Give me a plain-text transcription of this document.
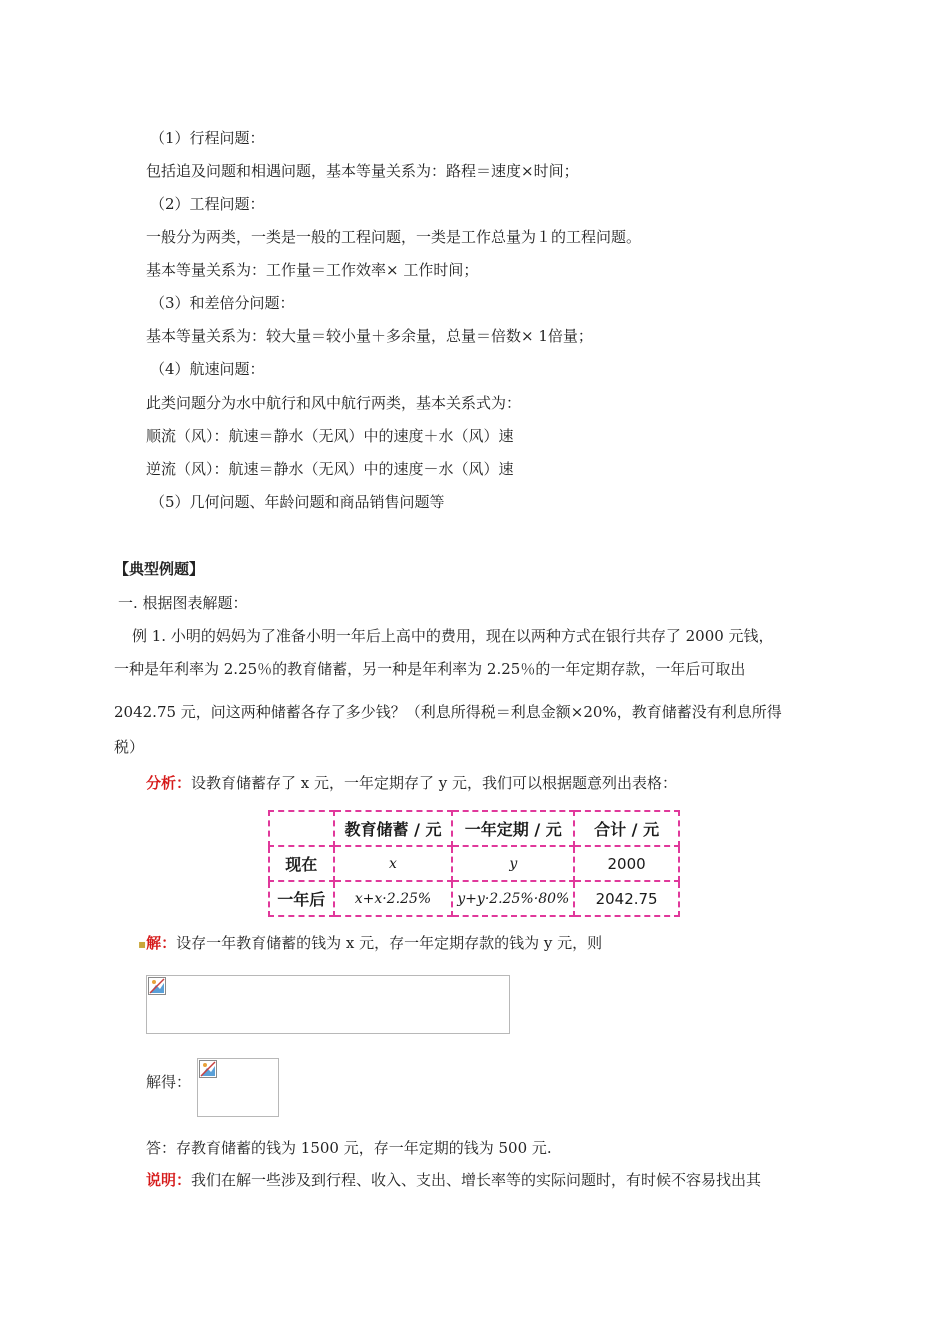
（1）行程问题：
包括追及问题和相遇问题，基本等量关系为：路程＝速度×时间；
（2）工程问题：
一般分为两类，一类是一般的工程问题，一类是工作总量为１的工程问题。
基本等量关系为：工作量＝工作效率× 工作时间；
（3）和差倍分问题：
基本等量关系为：较大量＝较小量＋多余量，总量＝倍数× 1倍量；
（4）航速问题：
此类问题分为水中航行和风中航行两类，基本关系式为：
顺流（风）：航速＝静水（无风）中的速度＋水（风）速
逆流（风）：航速＝静水（无风）中的速度－水（风）速
（5）几何问题、年龄问题和商品销售问题等
【典型例题】
一. 根据图表解题：
例 1. 小明的妈妈为了准备小明一年后上高中的费用，现在以两种方式在银行共存了 2000 元钱，
一种是年利率为 2.25％的教育储蓄，另一种是年利率为 2.25％的一年定期存款，一年后可取出
2042.75 元，问这两种储蓄各存了多少钱？（利息所得税＝利息金额×20%，教育储蓄没有利息所得
税）
分析：设教育储蓄存了 x 元，一年定期存了 y 元，我们可以根据题意列出表格：
	教育储蓄 / 元	一年定期 / 元	合计 / 元
现在	x	y	2000
一年后	x+x·2.25%	y+y·2.25%·80%	2042.75
▪解：设存一年教育储蓄的钱为 x 元，存一年定期存款的钱为 y 元，则
解得：
答：存教育储蓄的钱为 1500 元，存一年定期的钱为 500 元.
说明：我们在解一些涉及到行程、收入、支出、增长率等的实际问题时，有时候不容易找出其
